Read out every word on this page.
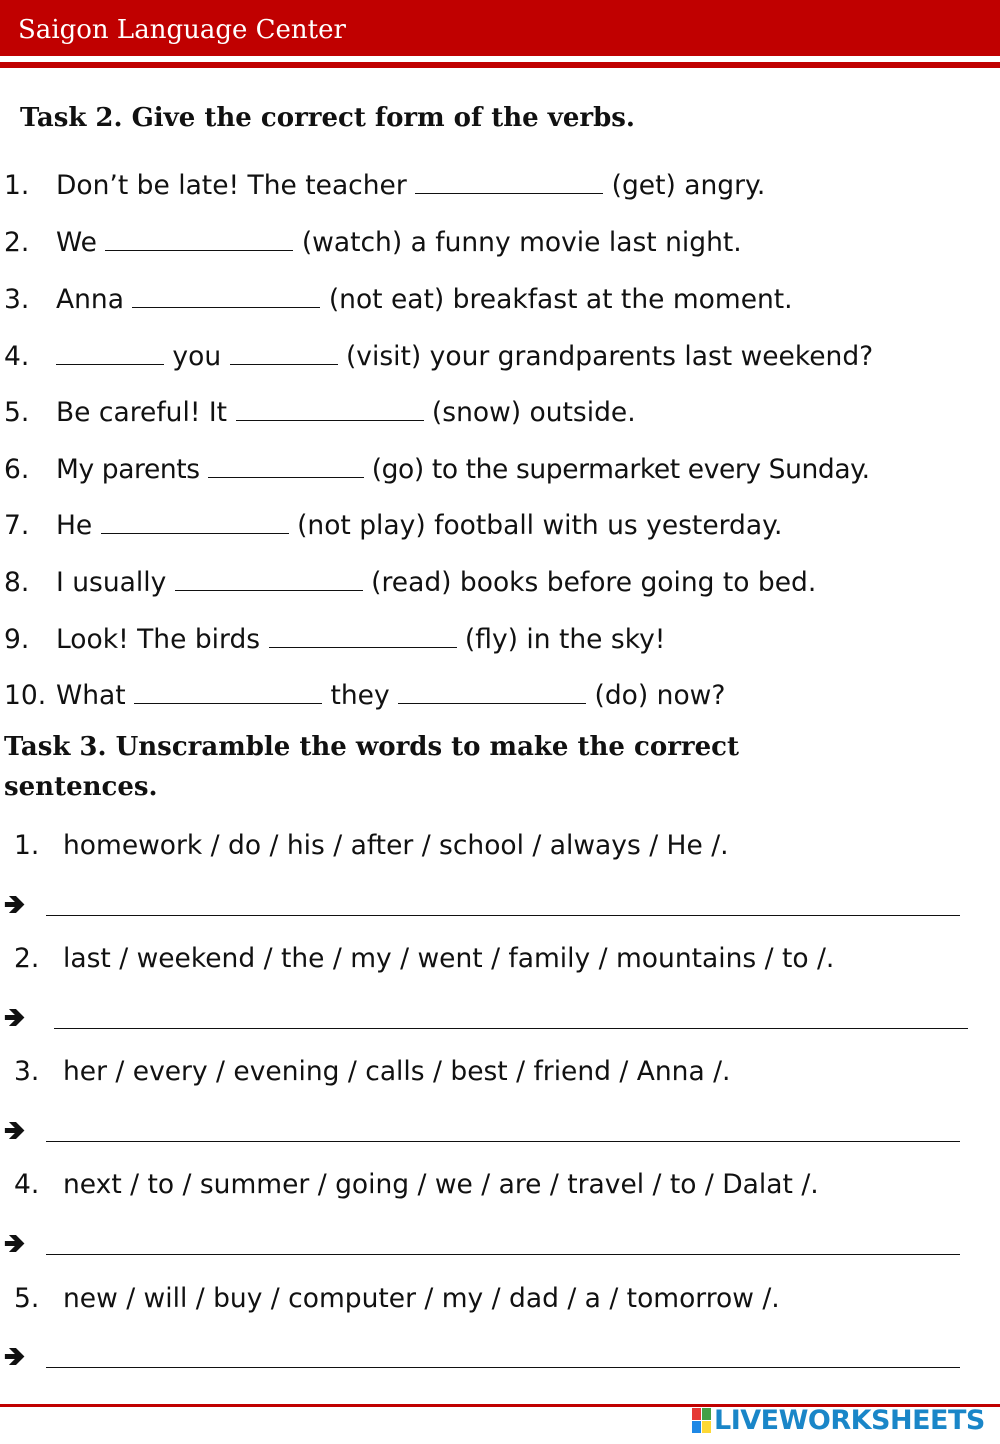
Saigon Language Center
Task 2. Give the correct form of the verbs.
1. Don’t be late! The teacher	(get) angry.
2. We	(watch) a funny movie last night.
3. Anna	(not eat) breakfast at the moment.
4.	you	(visit) your grandparents last weekend?
5. Be careful! It	(snow) outside.
6. My parents	(go) to the supermarket every Sunday.
7. He	(not play) football with us yesterday.
8. I usually	(read) books before going to bed.
9. Look! The birds	(fly) in the sky!
10. What	they	(do) now?
Task 3. Unscramble the words to make the correct
sentences.
1. homework / do / his / after / school / always / He /.
🡺
2. last / weekend / the / my / went / family / mountains / to /.
🡺
3. her / every / evening / calls / best / friend / Anna /.
🡺
4. next / to / summer / going / we / are / travel / to / Dalat /.
🡺
5. new / will / buy / computer / my / dad / a / tomorrow /.
🡺
LIVEWORKSHEETS
